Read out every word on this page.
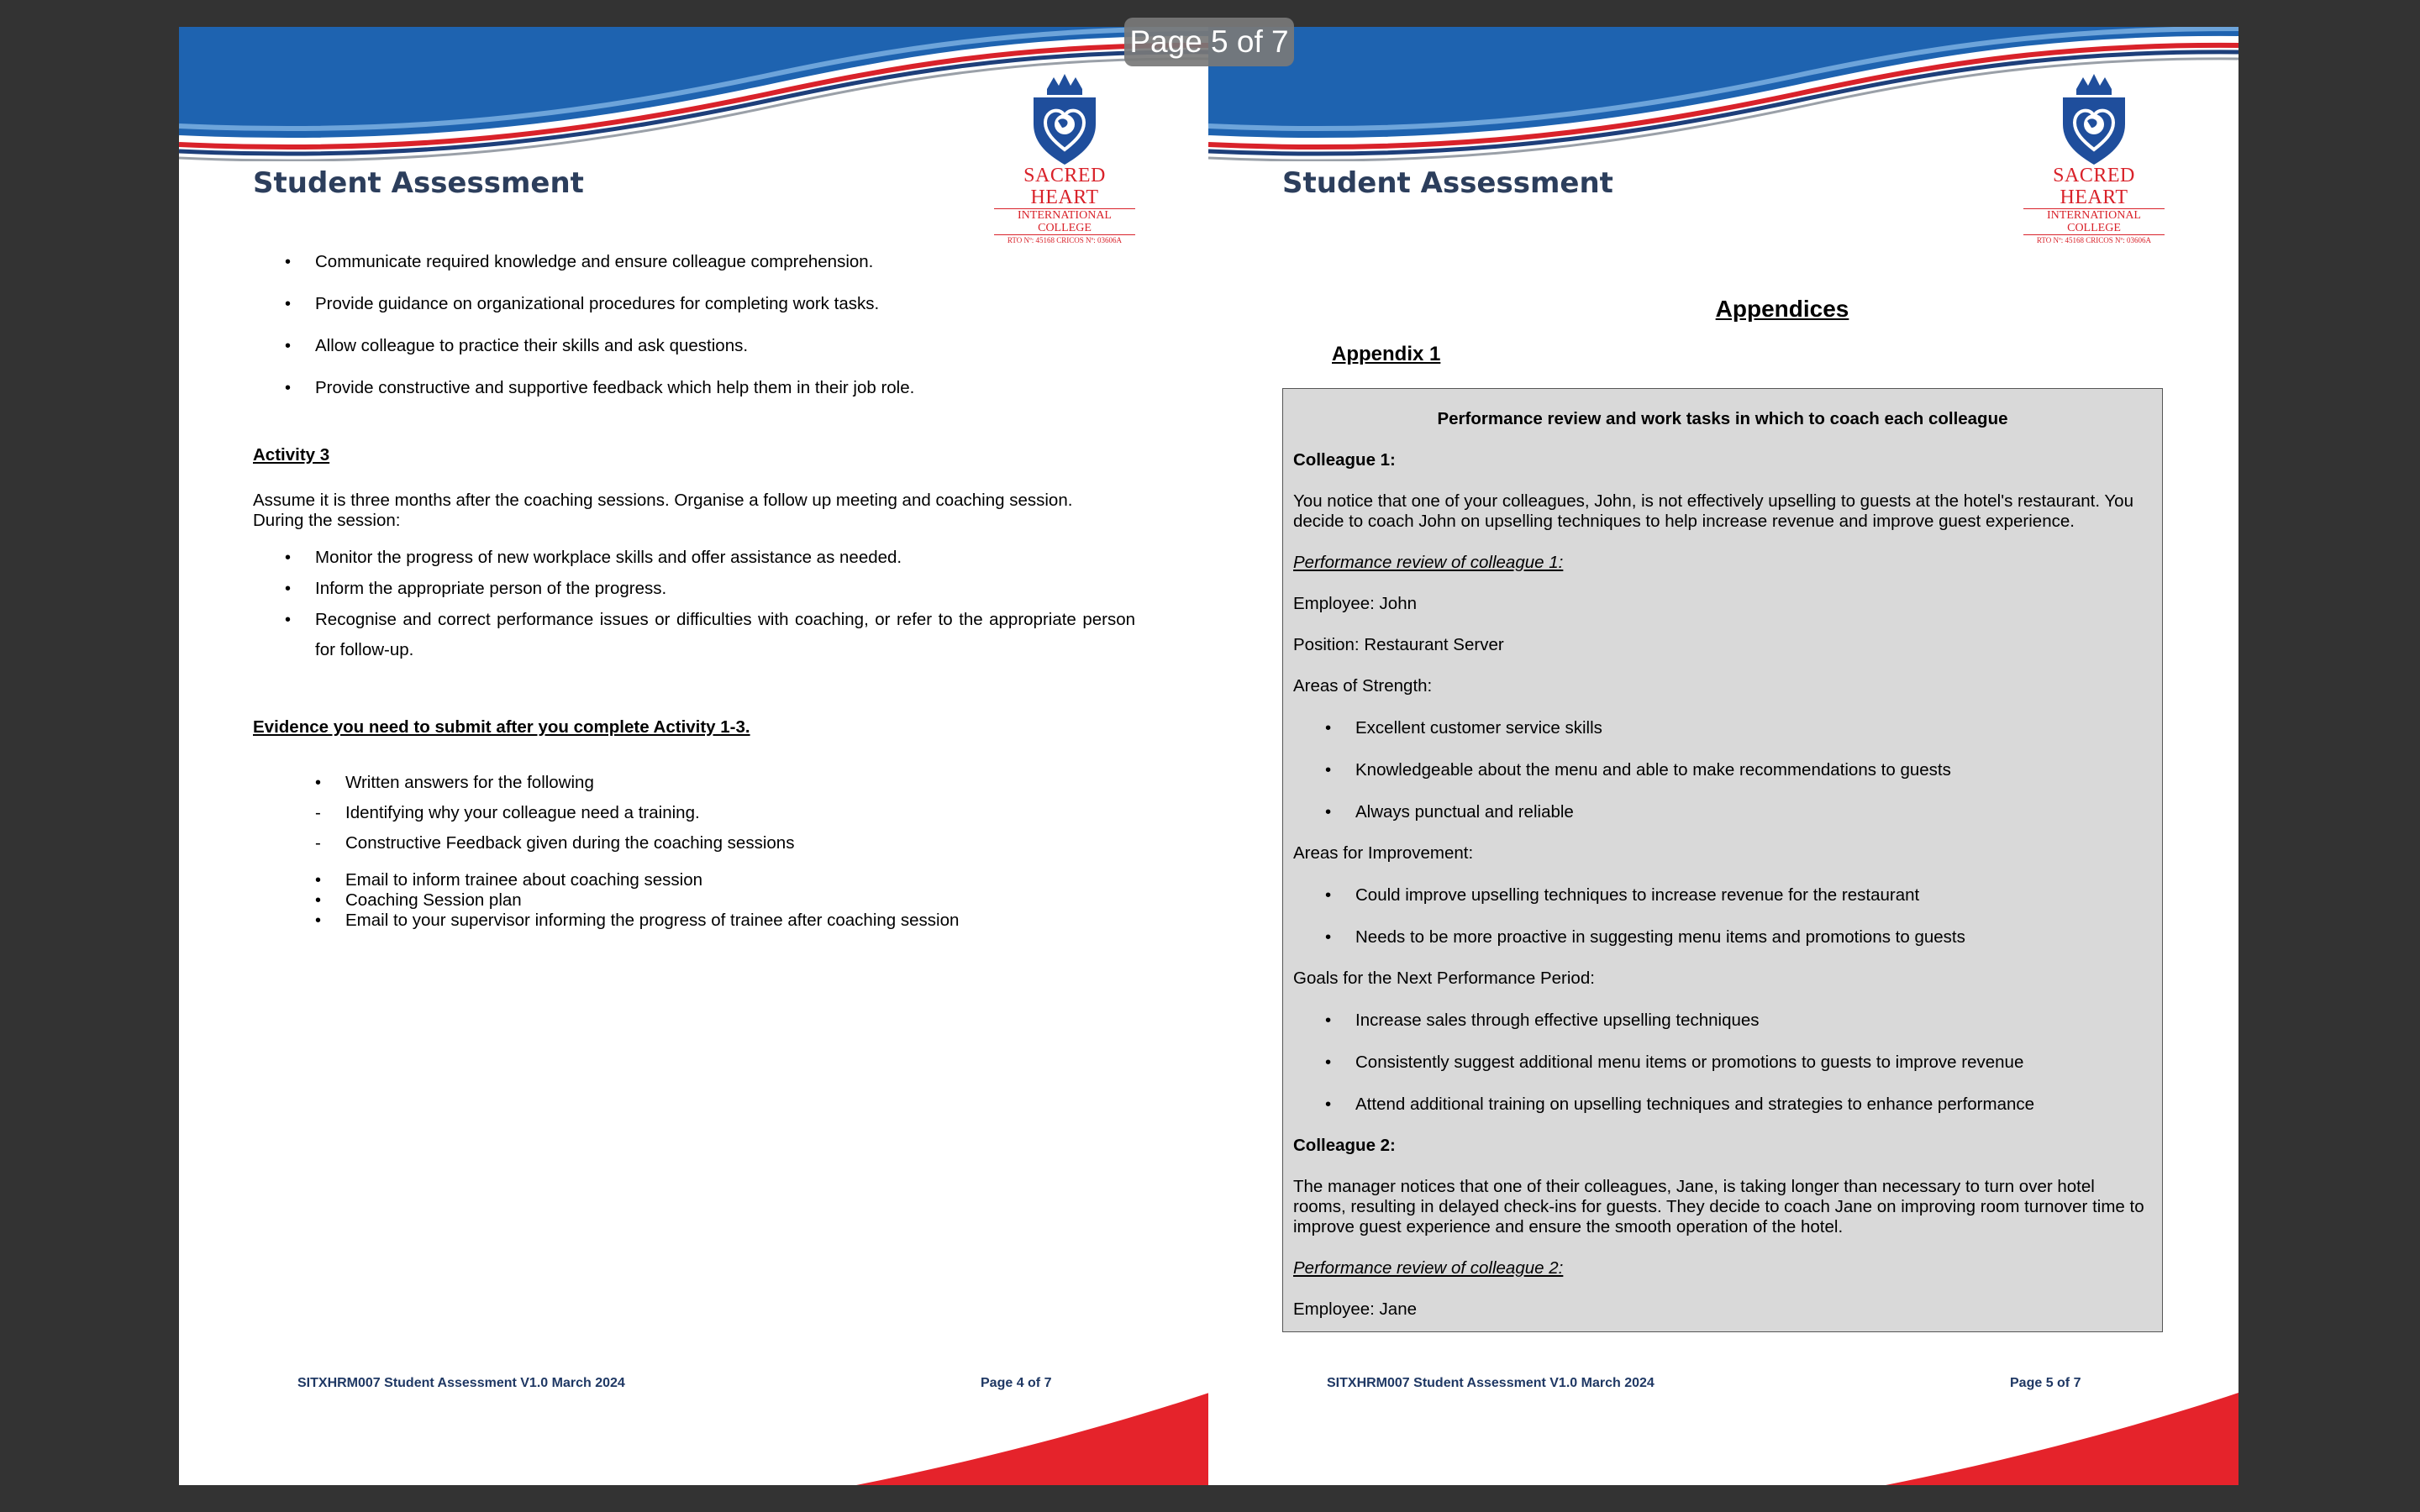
SACRED HEART
INTERNATIONAL COLLEGE
RTO Nº: 45168 CRICOS Nº: 03606A
Student Assessment
• Communicate required knowledge and ensure colleague comprehension.
• Provide guidance on organizational procedures for completing work tasks.
• Allow colleague to practice their skills and ask questions.
• Provide constructive and supportive feedback which help them in their job role.
Activity 3

Assume it is three months after the coaching sessions. Organise a follow up meeting and coaching session.

During the session:

• Monitor the progress of new workplace skills and offer assistance as needed.
• Inform the appropriate person of the progress.
• Recognise and correct performance issues or difficulties with coaching, or refer to the appropriate person for follow-up.
Evidence you need to submit after you complete Activity 1-3.
• Written answers for the following
- Identifying why your colleague need a training.
- Constructive Feedback given during the coaching sessions
• Email to inform trainee about coaching session
• Coaching Session plan
• Email to your supervisor informing the progress of trainee after coaching session
SITXHRM007 Student Assessment V1.0 March 2024	Page 4 of 7
SACRED HEART
INTERNATIONAL COLLEGE
RTO Nº: 45168 CRICOS Nº: 03606A
Student Assessment
Appendices
Appendix 1

Performance review and work tasks in which to coach each colleague

Colleague 1:

You notice that one of your colleagues, John, is not effectively upselling to guests at the hotel's restaurant. You decide to coach John on upselling techniques to help increase revenue and improve guest experience.

Performance review of colleague 1:

Employee: John

Position: Restaurant Server

Areas of Strength:

• Excellent customer service skills
• Knowledgeable about the menu and able to make recommendations to guests
• Always punctual and reliable

Areas for Improvement:

• Could improve upselling techniques to increase revenue for the restaurant
• Needs to be more proactive in suggesting menu items and promotions to guests

Goals for the Next Performance Period:

• Increase sales through effective upselling techniques
• Consistently suggest additional menu items or promotions to guests to improve revenue
• Attend additional training on upselling techniques and strategies to enhance performance

Colleague 2:

The manager notices that one of their colleagues, Jane, is taking longer than necessary to turn over hotel rooms, resulting in delayed check-ins for guests. They decide to coach Jane on improving room turnover time to improve guest experience and ensure the smooth operation of the hotel.

Performance review of colleague 2:

Employee: Jane

SITXHRM007 Student Assessment V1.0 March 2024	Page 5 of 7
Page 5 of 7
